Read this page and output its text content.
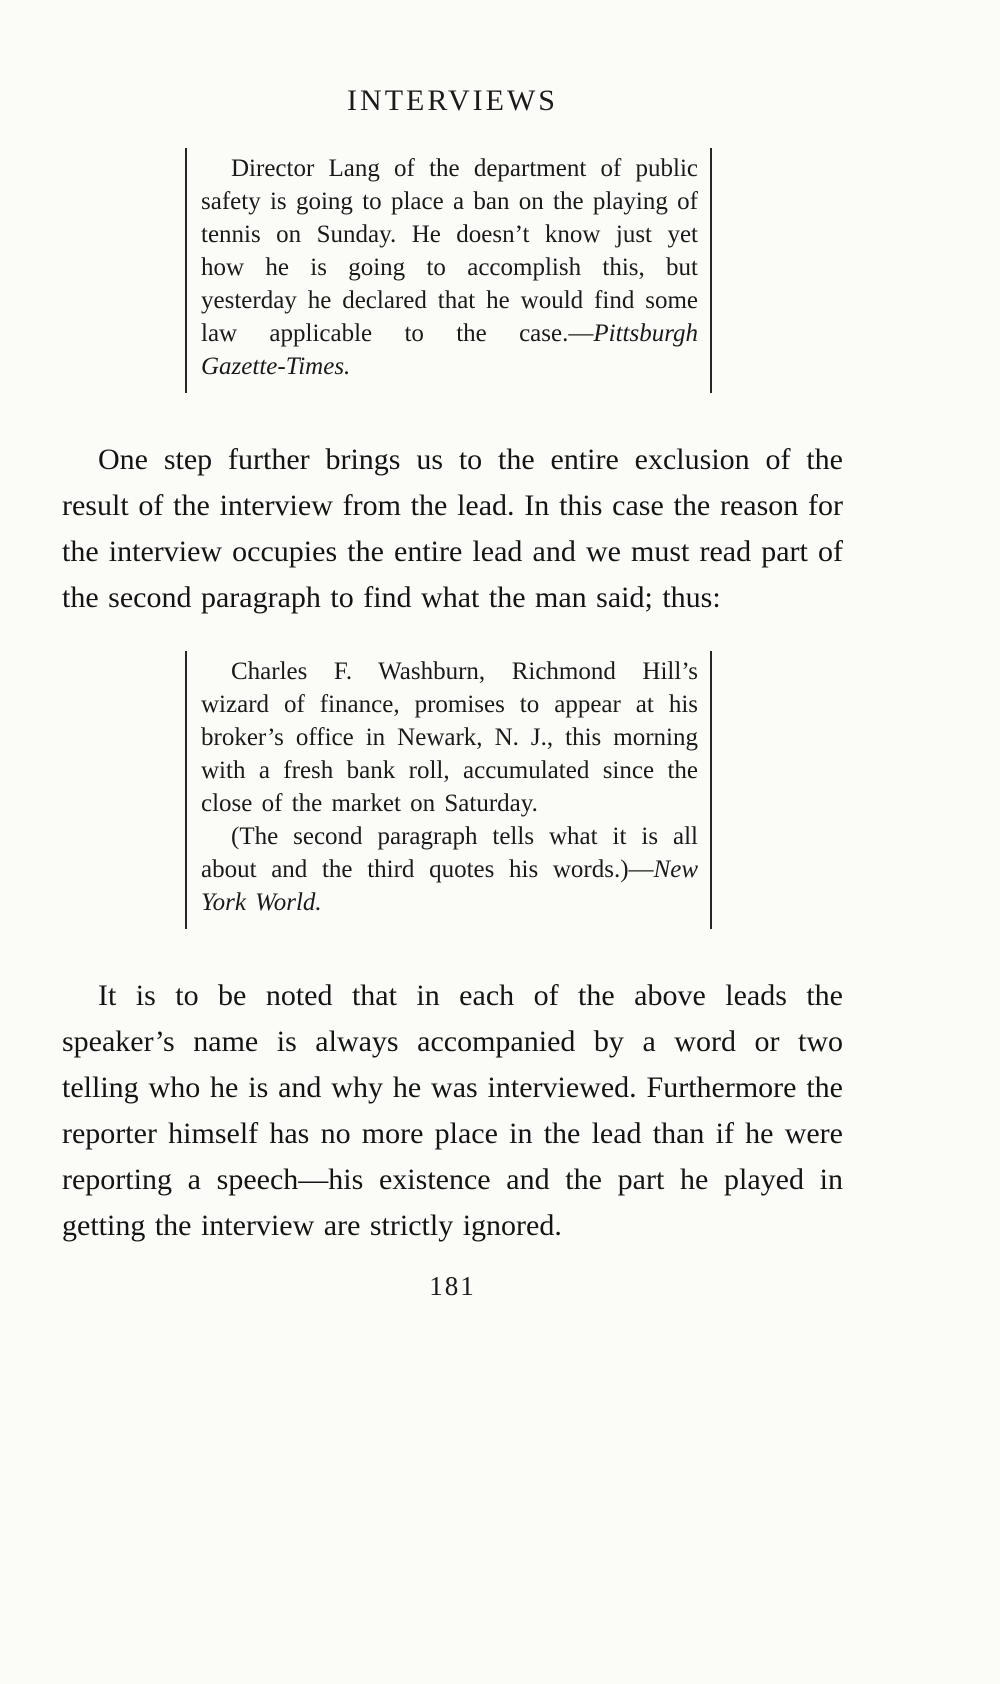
INTERVIEWS

Director Lang of the department of public safety is going to place a ban on the playing of tennis on Sunday. He doesn’t know just yet how he is going to accomplish this, but yesterday he declared that he would find some law applicable to the case.—Pittsburgh Gazette-Times.

One step further brings us to the entire exclusion of the result of the interview from the lead. In this case the reason for the interview occupies the entire lead and we must read part of the second paragraph to find what the man said; thus:

Charles F. Washburn, Richmond Hill’s wizard of finance, promises to appear at his broker’s office in Newark, N. J., this morning with a fresh bank roll, accumulated since the close of the market on Saturday.

(The second paragraph tells what it is all about and the third quotes his words.)—New York World.

It is to be noted that in each of the above leads the speaker’s name is always accompanied by a word or two telling who he is and why he was interviewed. Furthermore the reporter himself has no more place in the lead than if he were reporting a speech—his existence and the part he played in getting the interview are strictly ignored.

181
